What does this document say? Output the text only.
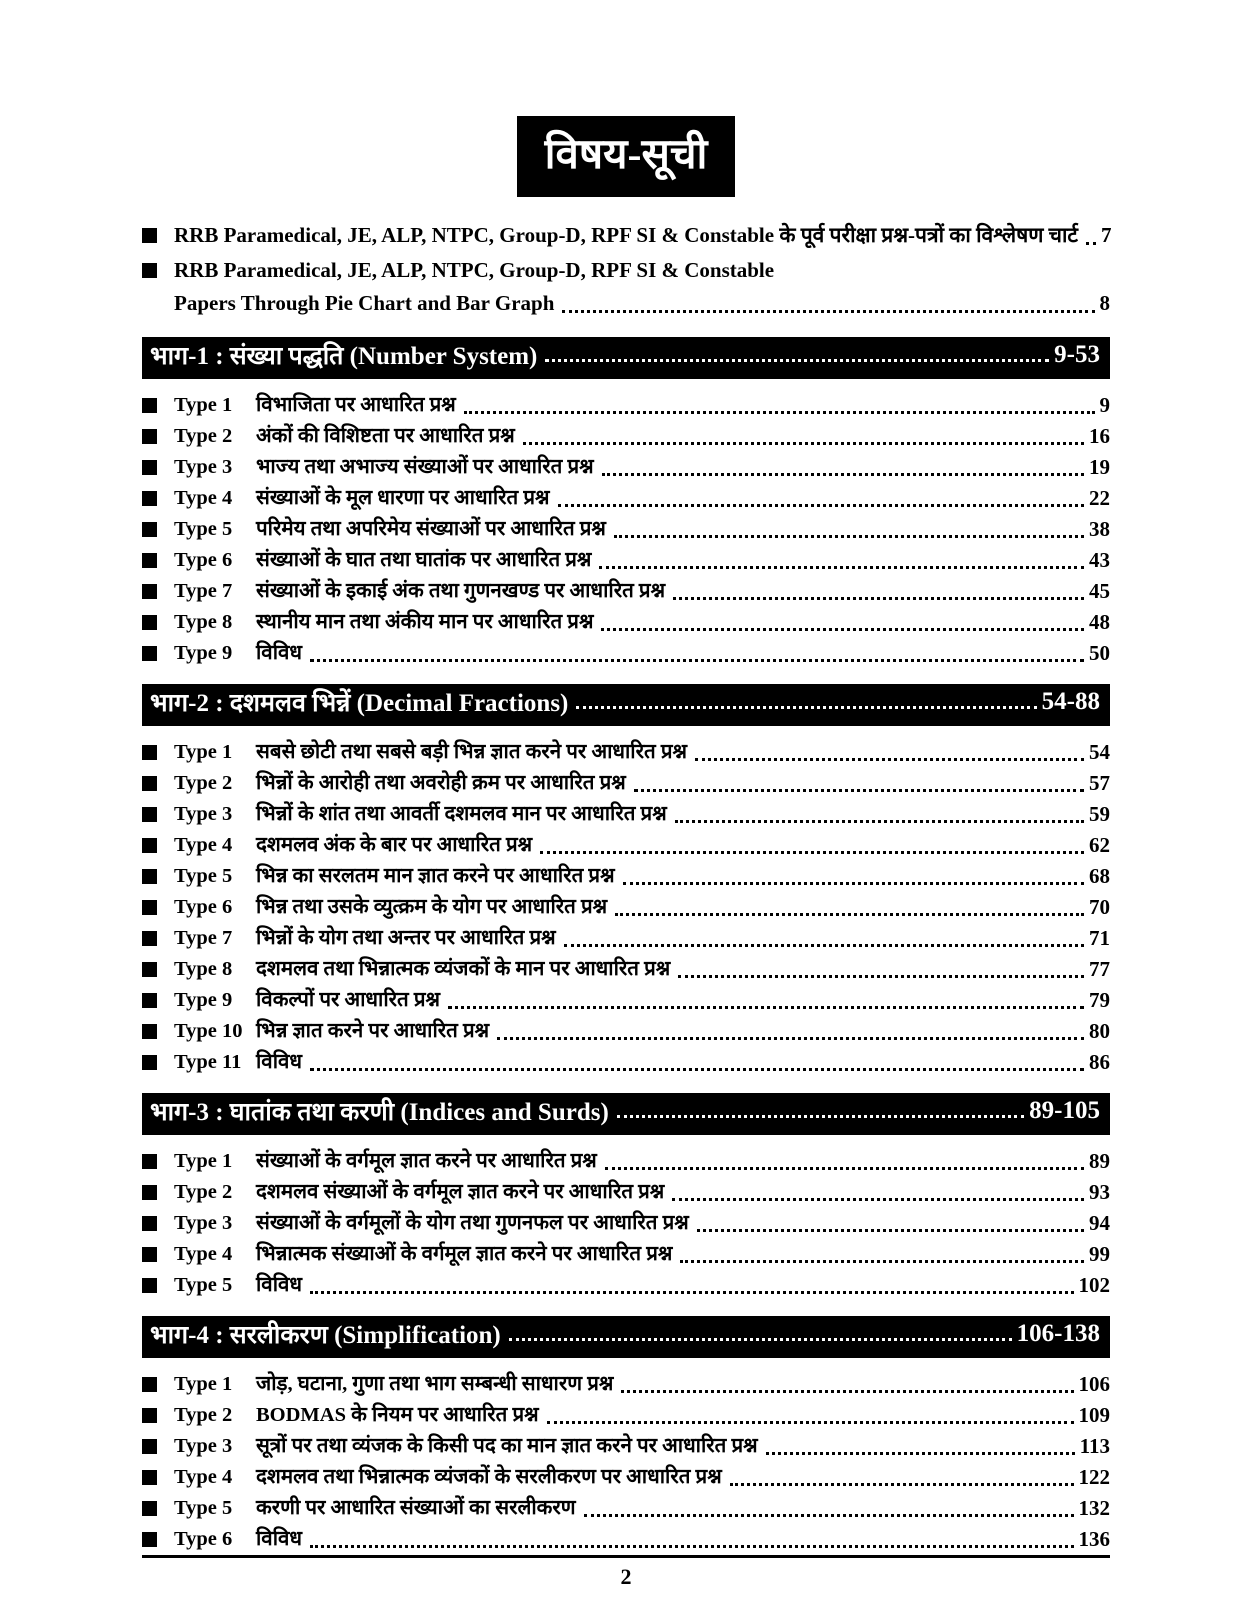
विषय-सूची
RRB Paramedical, JE, ALP, NTPC, Group-D, RPF SI & Constable के पूर्व परीक्षा प्रश्न-पत्रों का विश्लेषण चार्ट 7
RRB Paramedical, JE, ALP, NTPC, Group-D, RPF SI & Constable
Papers Through Pie Chart and Bar Graph	8
भाग-1 : संख्या पद्धति (Number System)	9-53
Type 1	विभाजिता पर आधारित प्रश्न	9
Type 2	अंकों की विशिष्टता पर आधारित प्रश्न	16
Type 3	भाज्य तथा अभाज्य संख्याओं पर आधारित प्रश्न	19
Type 4	संख्याओं के मूल धारणा पर आधारित प्रश्न	22
Type 5	परिमेय तथा अपरिमेय संख्याओं पर आधारित प्रश्न	38
Type 6	संख्याओं के घात तथा घातांक पर आधारित प्रश्न	43
Type 7	संख्याओं के इकाई अंक तथा गुणनखण्ड पर आधारित प्रश्न	45
Type 8	स्थानीय मान तथा अंकीय मान पर आधारित प्रश्न	48
Type 9	विविध	50
भाग-2 : दशमलव भिन्नें (Decimal Fractions)	54-88
Type 1	सबसे छोटी तथा सबसे बड़ी भिन्न ज्ञात करने पर आधारित प्रश्न	54
Type 2	भिन्नों के आरोही तथा अवरोही क्रम पर आधारित प्रश्न	57
Type 3	भिन्नों के शांत तथा आवर्ती दशमलव मान पर आधारित प्रश्न	59
Type 4	दशमलव अंक के बार पर आधारित प्रश्न	62
Type 5	भिन्न का सरलतम मान ज्ञात करने पर आधारित प्रश्न	68
Type 6	भिन्न तथा उसके व्युत्क्रम के योग पर आधारित प्रश्न	70
Type 7	भिन्नों के योग तथा अन्तर पर आधारित प्रश्न	71
Type 8	दशमलव तथा भिन्नात्मक व्यंजकों के मान पर आधारित प्रश्न	77
Type 9	विकल्पों पर आधारित प्रश्न	79
Type 10 भिन्न ज्ञात करने पर आधारित प्रश्न	80
Type 11 विविध	86
भाग-3 : घातांक तथा करणी (Indices and Surds)	89-105
Type 1	संख्याओं के वर्गमूल ज्ञात करने पर आधारित प्रश्न	89
Type 2	दशमलव संख्याओं के वर्गमूल ज्ञात करने पर आधारित प्रश्न	93
Type 3	संख्याओं के वर्गमूलों के योग तथा गुणनफल पर आधारित प्रश्न	94
Type 4	भिन्नात्मक संख्याओं के वर्गमूल ज्ञात करने पर आधारित प्रश्न	99
Type 5	विविध	102
भाग-4 : सरलीकरण (Simplification)	106-138
Type 1	जोड़, घटाना, गुणा तथा भाग सम्बन्धी साधारण प्रश्न	106
Type 2	BODMAS के नियम पर आधारित प्रश्न	109
Type 3	सूत्रों पर तथा व्यंजक के किसी पद का मान ज्ञात करने पर आधारित प्रश्न	113
Type 4	दशमलव तथा भिन्नात्मक व्यंजकों के सरलीकरण पर आधारित प्रश्न	122
Type 5	करणी पर आधारित संख्याओं का सरलीकरण	132
Type 6	विविध	136
2
